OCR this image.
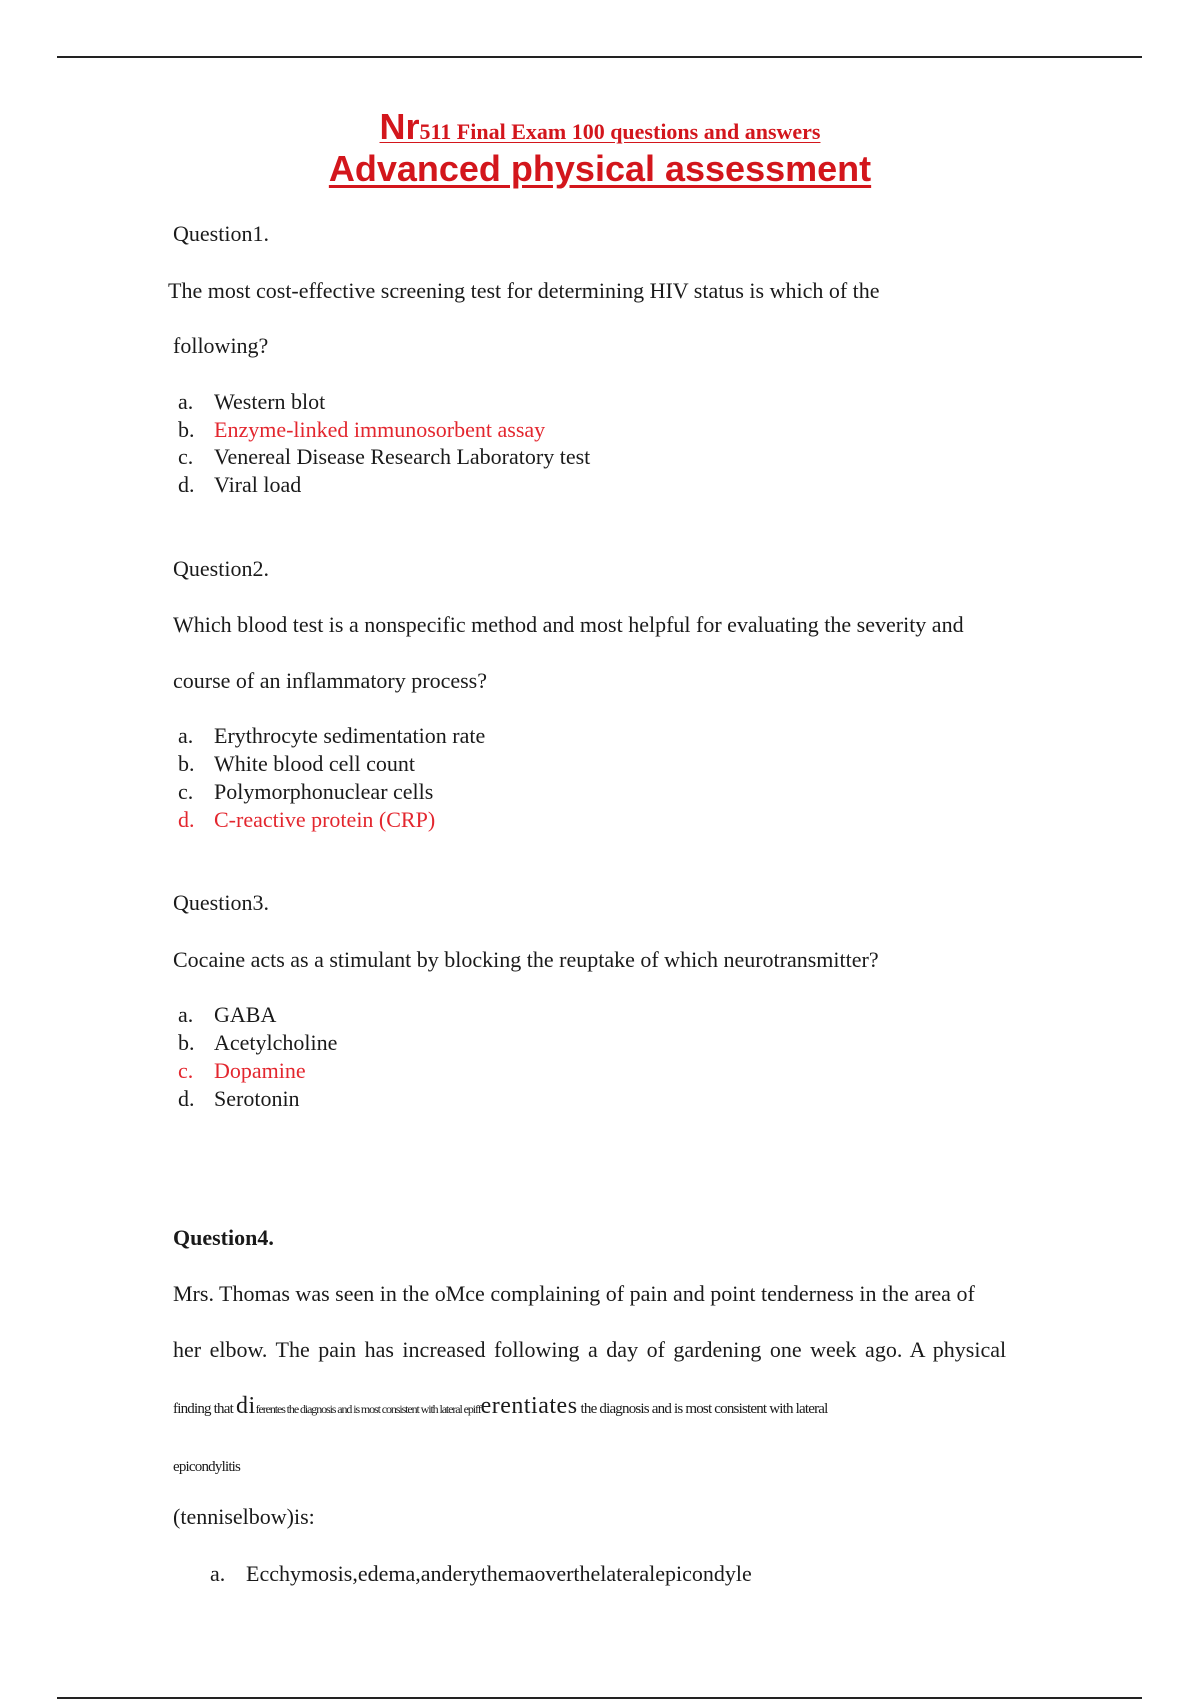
Nr511 Final Exam 100 questions and answers
Advanced physical assessment
Question1.
The most cost-effective screening test for determining HIV status is which of the
following?
a. Western blot
b. Enzyme-linked immunosorbent assay
c. Venereal Disease Research Laboratory test
d. Viral load
Question2.
Which blood test is a nonspecific method and most helpful for evaluating the severity and
course of an inflammatory process?
a. Erythrocyte sedimentation rate
b. White blood cell count
c. Polymorphonuclear cells
d. C-reactive protein (CRP)
Question3.
Cocaine acts as a stimulant by blocking the reuptake of which neurotransmitter?
a. GABA
b. Acetylcholine
c. Dopamine
d. Serotonin
Question4.
Mrs. Thomas was seen in the oMce complaining of pain and point tenderness in the area of
her elbow. The pain has increased following a day of gardening one week ago. A physical
finding that diferentes the diagnosis and is most consistent with lateral epifferentiates the diagnosis and is most consistent with lateral
epicondylitis
(tenniselbow)is:
a. Ecchymosis,edema,anderythemaoverthelateralepicondyle
